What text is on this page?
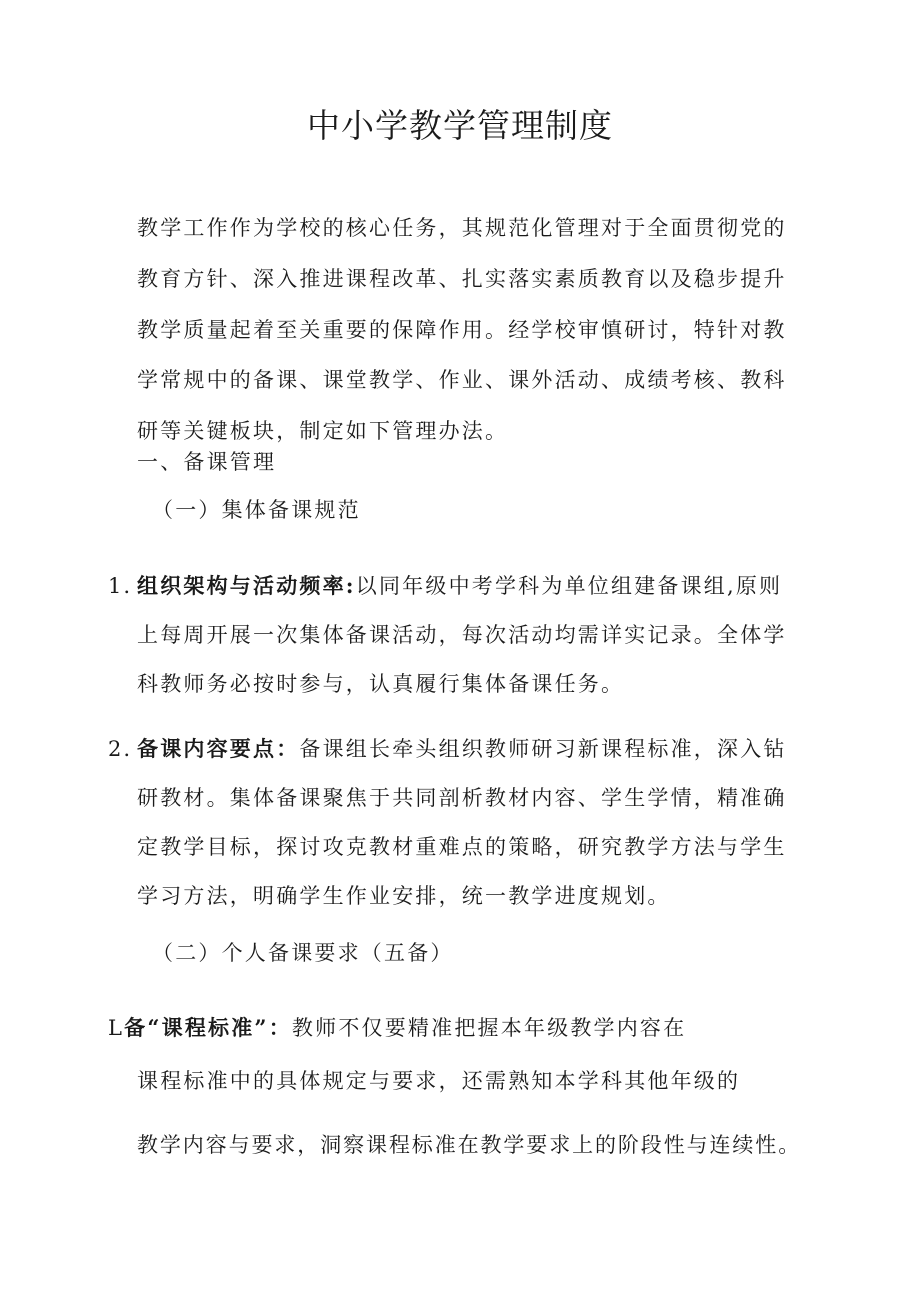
中小学教学管理制度

教学工作作为学校的核心任务，其规范化管理对于全面贯彻党的
教育方针、深入推进课程改革、扎实落实素质教育以及稳步提升
教学质量起着至关重要的保障作用。经学校审慎研讨，特针对教
学常规中的备课、课堂教学、作业、课外活动、成绩考核、教科
研等关键板块，制定如下管理办法。

一、备课管理

（一）集体备课规范

1．组织架构与活动频率:以同年级中考学科为单位组建备课组,原则
上每周开展一次集体备课活动，每次活动均需详实记录。全体学
科教师务必按时参与，认真履行集体备课任务。
2．备课内容要点：备课组长牵头组织教师研习新课程标准，深入钻
研教材。集体备课聚焦于共同剖析教材内容、学生学情，精准确
定教学目标，探讨攻克教材重难点的策略，研究教学方法与学生
学习方法，明确学生作业安排，统一教学进度规划。

（二）个人备课要求（五备）

L备“课程标准”：教师不仅要精准把握本年级教学内容在

课程标准中的具体规定与要求，还需熟知本学科其他年级的

教学内容与要求，洞察课程标准在教学要求上的阶段性与连续性。
